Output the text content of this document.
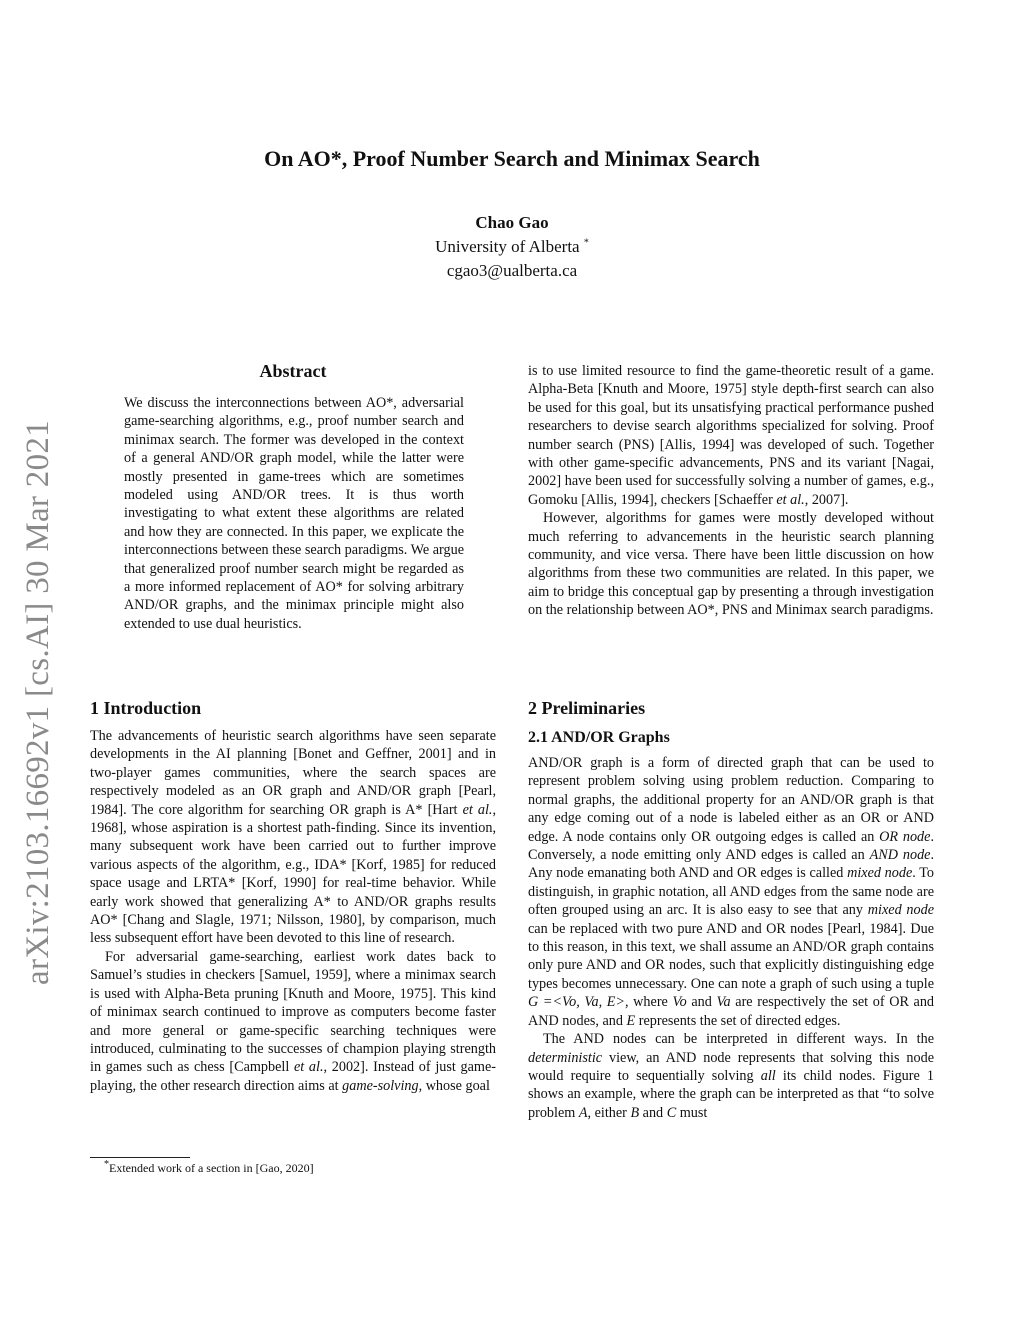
arXiv:2103.16692v1 [cs.AI] 30 Mar 2021
On AO*, Proof Number Search and Minimax Search
Chao Gao
University of Alberta *
cgao3@ualberta.ca
Abstract
We discuss the interconnections between AO*, adversarial game-searching algorithms, e.g., proof number search and minimax search. The former was developed in the context of a general AND/OR graph model, while the latter were mostly presented in game-trees which are sometimes modeled using AND/OR trees. It is thus worth investigating to what extent these algorithms are related and how they are connected. In this paper, we explicate the interconnections between these search paradigms. We argue that generalized proof number search might be regarded as a more informed replacement of AO* for solving arbitrary AND/OR graphs, and the minimax principle might also extended to use dual heuristics.
1 Introduction

The advancements of heuristic search algorithms have seen separate developments in the AI planning [Bonet and Geffner, 2001] and in two-player games communities, where the search spaces are respectively modeled as an OR graph and AND/OR graph [Pearl, 1984]. The core algorithm for searching OR graph is A* [Hart et al., 1968], whose aspiration is a shortest path-finding. Since its invention, many subsequent work have been carried out to further improve various aspects of the algorithm, e.g., IDA* [Korf, 1985] for reduced space usage and LRTA* [Korf, 1990] for real-time behavior. While early work showed that generalizing A* to AND/OR graphs results AO* [Chang and Slagle, 1971; Nilsson, 1980], by comparison, much less subsequent effort have been devoted to this line of research.

For adversarial game-searching, earliest work dates back to Samuel’s studies in checkers [Samuel, 1959], where a minimax search is used with Alpha-Beta pruning [Knuth and Moore, 1975]. This kind of minimax search continued to improve as computers become faster and more general or game-specific searching techniques were introduced, culminating to the successes of champion playing strength in games such as chess [Campbell et al., 2002]. Instead of just game-playing, the other research direction aims at game-solving, whose goal

*Extended work of a section in [Gao, 2020]

is to use limited resource to find the game-theoretic result of a game. Alpha-Beta [Knuth and Moore, 1975] style depth-first search can also be used for this goal, but its unsatisfying practical performance pushed researchers to devise search algorithms specialized for solving. Proof number search (PNS) [Allis, 1994] was developed of such. Together with other game-specific advancements, PNS and its variant [Nagai, 2002] have been used for successfully solving a number of games, e.g., Gomoku [Allis, 1994], checkers [Schaeffer et al., 2007].

However, algorithms for games were mostly developed without much referring to advancements in the heuristic search planning community, and vice versa. There have been little discussion on how algorithms from these two communities are related. In this paper, we aim to bridge this conceptual gap by presenting a through investigation on the relationship between AO*, PNS and Minimax search paradigms.

2 Preliminaries
2.1 AND/OR Graphs

AND/OR graph is a form of directed graph that can be used to represent problem solving using problem reduction. Comparing to normal graphs, the additional property for an AND/OR graph is that any edge coming out of a node is labeled either as an OR or AND edge. A node contains only OR outgoing edges is called an OR node. Conversely, a node emitting only AND edges is called an AND node. Any node emanating both AND and OR edges is called mixed node. To distinguish, in graphic notation, all AND edges from the same node are often grouped using an arc. It is also easy to see that any mixed node can be replaced with two pure AND and OR nodes [Pearl, 1984]. Due to this reason, in this text, we shall assume an AND/OR graph contains only pure AND and OR nodes, such that explicitly distinguishing edge types becomes unnecessary. One can note a graph of such using a tuple G =<Vo, Va, E>, where Vo and Va are respectively the set of OR and AND nodes, and E represents the set of directed edges.

The AND nodes can be interpreted in different ways. In the deterministic view, an AND node represents that solving this node would require to sequentially solving all its child nodes. Figure 1 shows an example, where the graph can be interpreted as that “to solve problem A, either B and C must
